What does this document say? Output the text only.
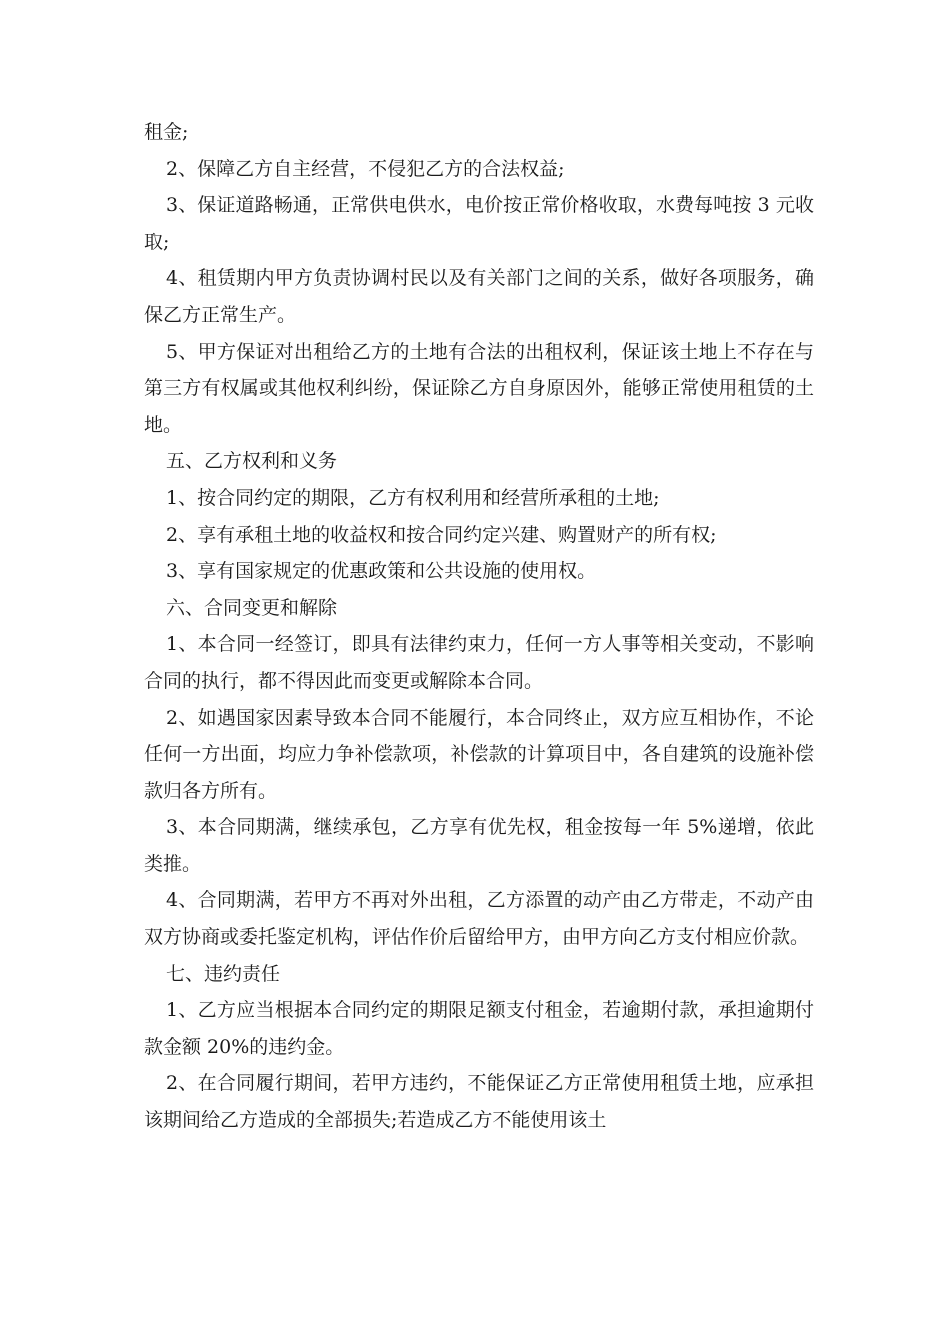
租金;

2、保障乙方自主经营，不侵犯乙方的合法权益;

3、保证道路畅通，正常供电供水，电价按正常价格收取，水费每吨按 3 元收取;

4、租赁期内甲方负责协调村民以及有关部门之间的关系，做好各项服务，确保乙方正常生产。

5、甲方保证对出租给乙方的土地有合法的出租权利，保证该土地上不存在与第三方有权属或其他权利纠纷，保证除乙方自身原因外，能够正常使用租赁的土地。

五、乙方权利和义务

1、按合同约定的期限，乙方有权利用和经营所承租的土地;

2、享有承租土地的收益权和按合同约定兴建、购置财产的所有权;

3、享有国家规定的优惠政策和公共设施的使用权。

六、合同变更和解除

1、本合同一经签订，即具有法律约束力，任何一方人事等相关变动，不影响合同的执行，都不得因此而变更或解除本合同。

2、如遇国家因素导致本合同不能履行，本合同终止，双方应互相协作，不论任何一方出面，均应力争补偿款项，补偿款的计算项目中，各自建筑的设施补偿款归各方所有。

3、本合同期满，继续承包，乙方享有优先权，租金按每一年 5%递增，依此类推。

4、合同期满，若甲方不再对外出租，乙方添置的动产由乙方带走，不动产由双方协商或委托鉴定机构，评估作价后留给甲方，由甲方向乙方支付相应价款。

七、违约责任

1、乙方应当根据本合同约定的期限足额支付租金，若逾期付款，承担逾期付款金额 20%的违约金。

2、在合同履行期间，若甲方违约，不能保证乙方正常使用租赁土地，应承担该期间给乙方造成的全部损失;若造成乙方不能使用该土
